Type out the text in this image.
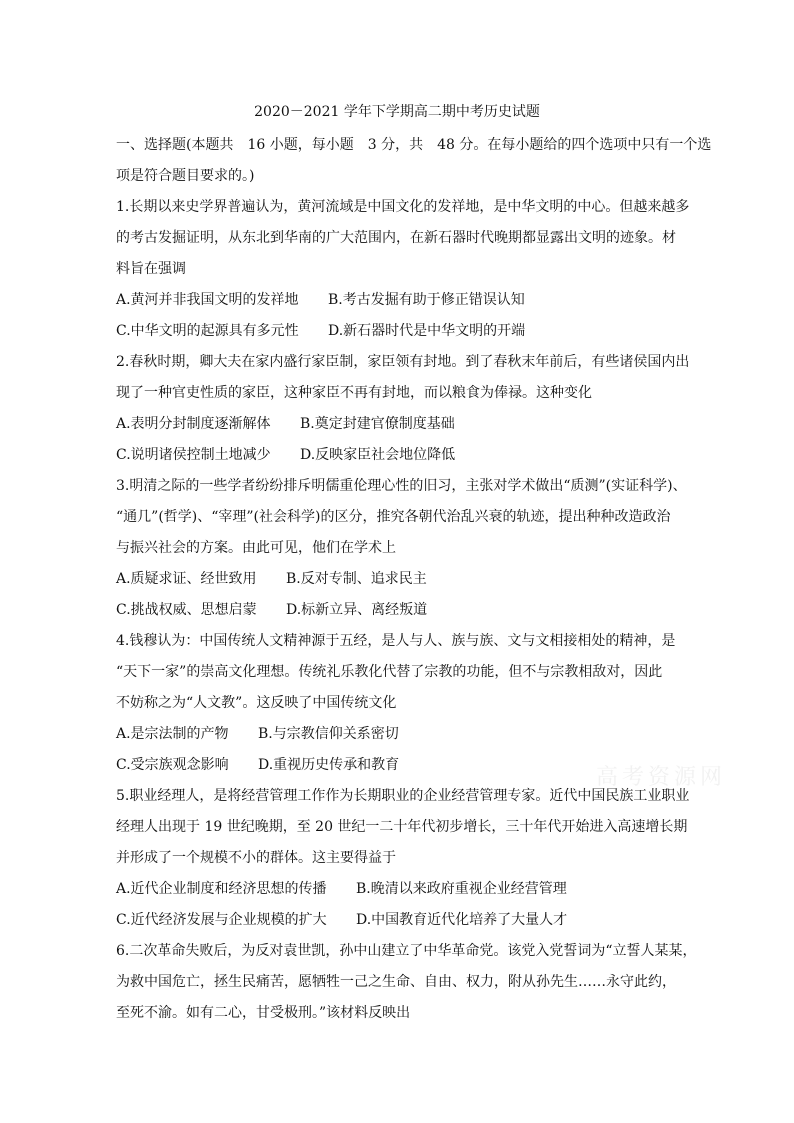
2020－2021 学年下学期高二期中考历史试题
一、选择题(本题共　16 小题，每小题　3 分，共　48 分。在每小题给的四个选项中只有一个选
项是符合题目要求的。)
1.长期以来史学界普遍认为，黄河流域是中国文化的发祥地，是中华文明的中心。但越来越多
的考古发掘证明，从东北到华南的广大范围内，在新石器时代晚期都显露出文明的迹象。材
料旨在强调
A.黄河并非我国文明的发祥地 B.考古发掘有助于修正错误认知
C.中华文明的起源具有多元性 D.新石器时代是中华文明的开端
2.春秋时期，卿大夫在家内盛行家臣制，家臣领有封地。到了春秋末年前后，有些诸侯国内出
现了一种官吏性质的家臣，这种家臣不再有封地，而以粮食为俸禄。这种变化
A.表明分封制度逐渐解体 B.奠定封建官僚制度基础
C.说明诸侯控制土地减少 D.反映家臣社会地位降低
3.明清之际的一些学者纷纷排斥明儒重伦理心性的旧习，主张对学术做出“质测”(实证科学)、
“通几”(哲学)、“宰理”(社会科学)的区分，推究各朝代治乱兴衰的轨迹，提出种种改造政治
与振兴社会的方案。由此可见，他们在学术上
A.质疑求证、经世致用 B.反对专制、追求民主
C.挑战权威、思想启蒙 D.标新立异、离经叛道
4.钱穆认为：中国传统人文精神源于五经，是人与人、族与族、文与文相接相处的精神，是
“天下一家”的崇高文化理想。传统礼乐教化代替了宗教的功能，但不与宗教相敌对，因此
不妨称之为“人文教”。这反映了中国传统文化
A.是宗法制的产物 B.与宗教信仰关系密切
C.受宗族观念影响 D.重视历史传承和教育
5.职业经理人，是将经营管理工作作为长期职业的企业经营管理专家。近代中国民族工业职业
经理人出现于 19 世纪晚期，至 20 世纪一二十年代初步增长，三十年代开始进入高速增长期
并形成了一个规模不小的群体。这主要得益于
A.近代企业制度和经济思想的传播 B.晚清以来政府重视企业经营管理
C.近代经济发展与企业规模的扩大 D.中国教育近代化培养了大量人才
6.二次革命失败后，为反对袁世凯，孙中山建立了中华革命党。该党入党誓词为“立誓人某某，
为救中国危亡，拯生民痛苦，愿牺牲一己之生命、自由、权力，附从孙先生……永守此约，
至死不渝。如有二心，甘受极刑。”该材料反映出
高考资源网
